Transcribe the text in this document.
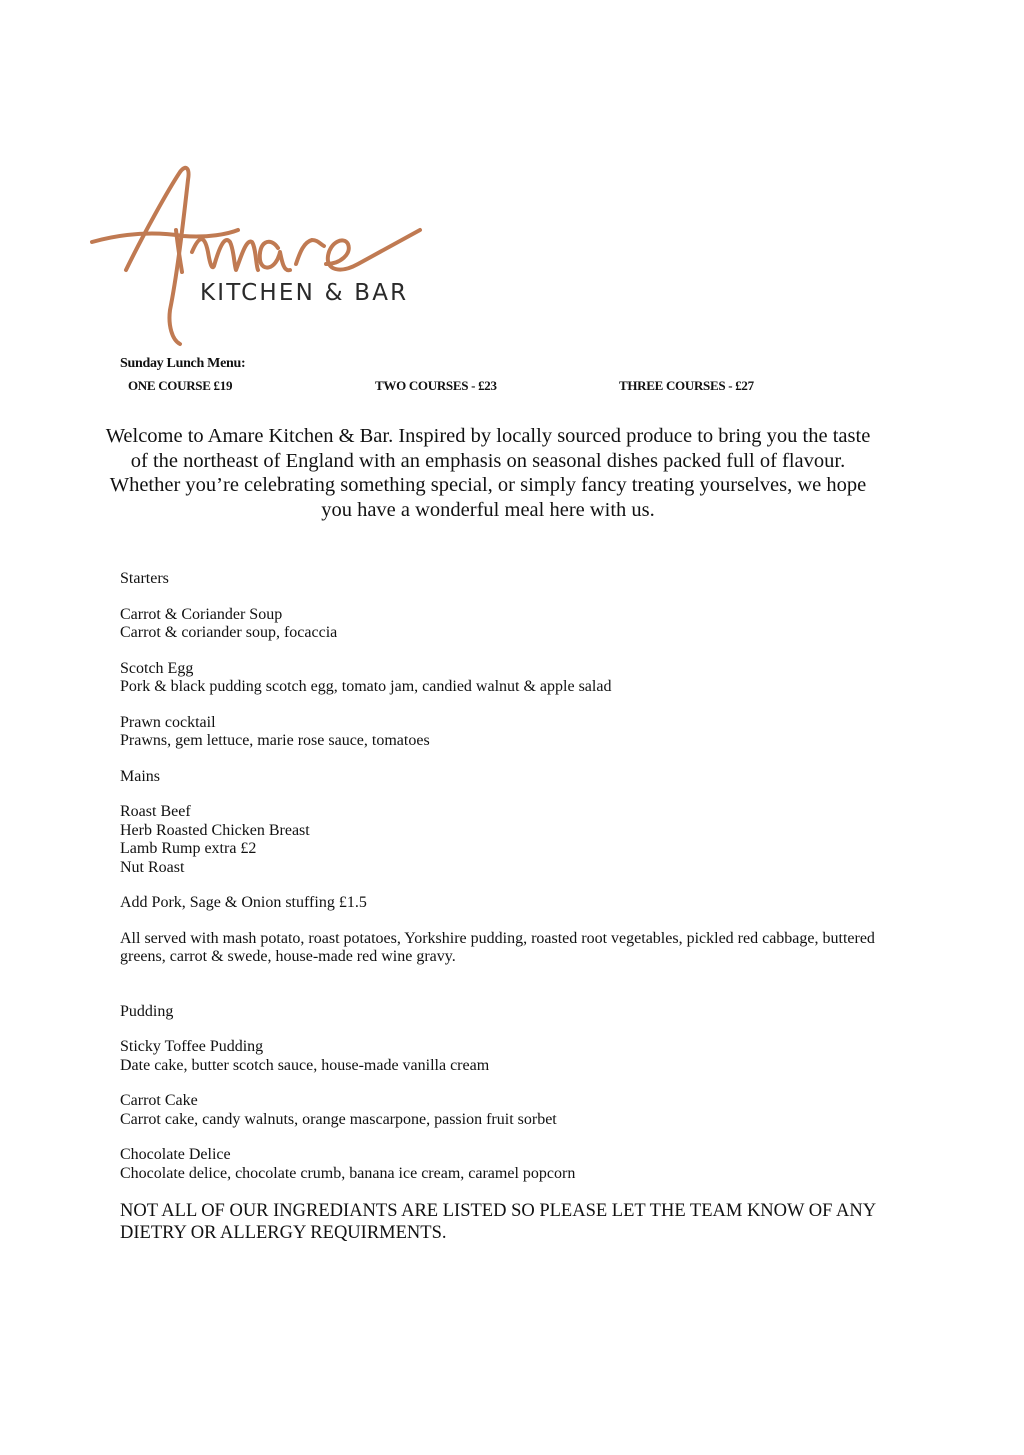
KITCHEN & BAR
Sunday Lunch Menu:
ONE COURSE £19	TWO COURSES - £23	THREE COURSES - £27
Welcome to Amare Kitchen & Bar. Inspired by locally sourced produce to bring you the taste of the northeast of England with an emphasis on seasonal dishes packed full of flavour. Whether you’re celebrating something special, or simply fancy treating yourselves, we hope you have a wonderful meal here with us.
Starters
Carrot & Coriander Soup
Carrot & coriander soup, focaccia
Scotch Egg
Pork & black pudding scotch egg, tomato jam, candied walnut & apple salad
Prawn cocktail
Prawns, gem lettuce, marie rose sauce, tomatoes
Mains
Roast Beef
Herb Roasted Chicken Breast
Lamb Rump extra £2
Nut Roast
Add Pork, Sage & Onion stuffing £1.5
All served with mash potato, roast potatoes, Yorkshire pudding, roasted root vegetables, pickled red cabbage, buttered greens, carrot & swede, house-made red wine gravy.
Pudding
Sticky Toffee Pudding
Date cake, butter scotch sauce, house-made vanilla cream
Carrot Cake
Carrot cake, candy walnuts, orange mascarpone, passion fruit sorbet
Chocolate Delice
Chocolate delice, chocolate crumb, banana ice cream, caramel popcorn
NOT ALL OF OUR INGREDIANTS ARE LISTED SO PLEASE LET THE TEAM KNOW OF ANY DIETRY OR ALLERGY REQUIRMENTS.
